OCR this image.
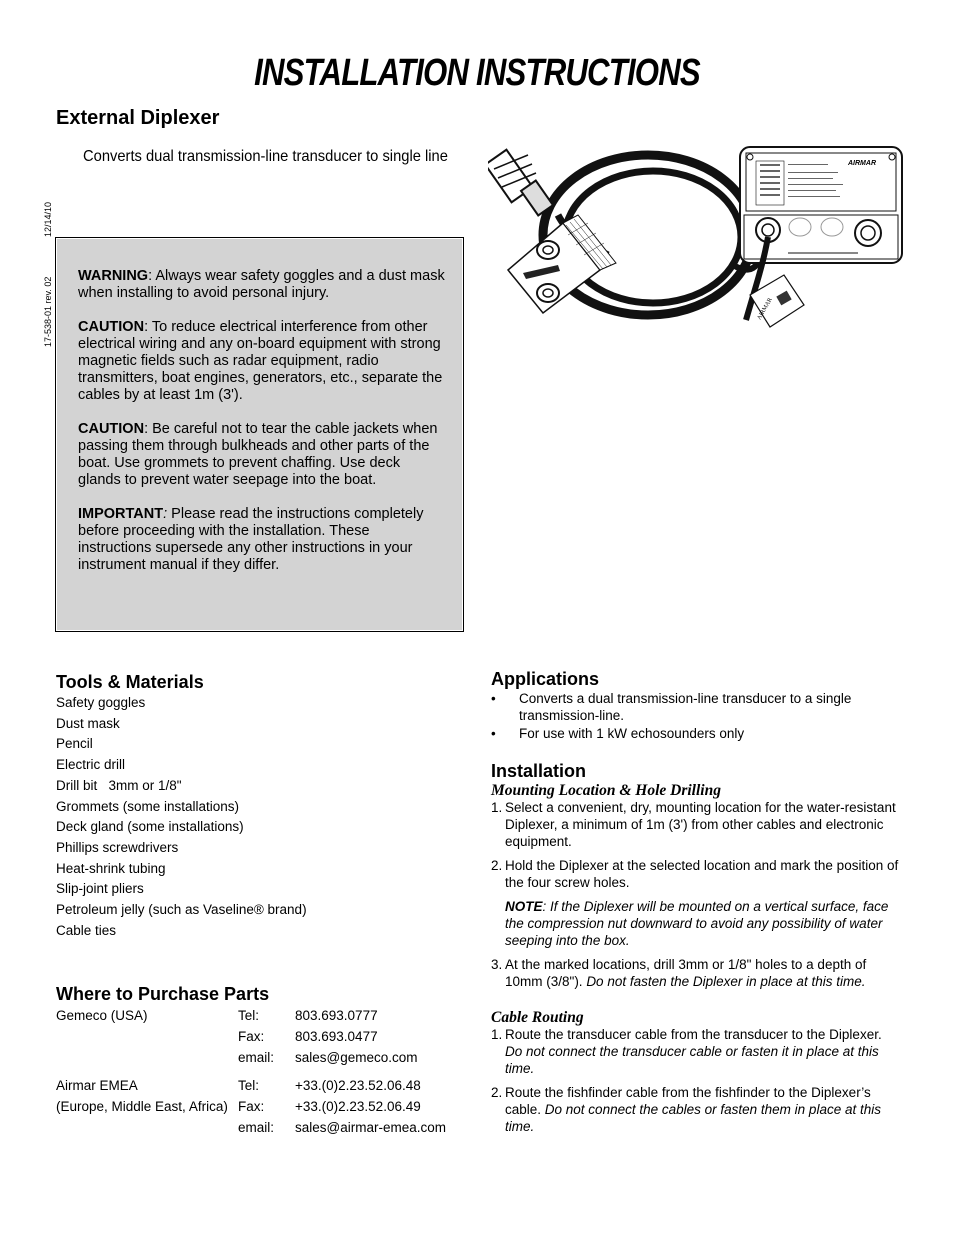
INSTALLATION INSTRUCTIONS
External Diplexer
Converts dual transmission-line transducer to single line
12/14/10
17-538-01 rev. 02

WARNING: Always wear safety goggles and a dust mask when installing to avoid personal injury.

CAUTION: To reduce electrical interference from other electrical wiring and any on-board equipment with strong magnetic fields such as radar equipment, radio transmitters, boat engines, generators, etc., separate the cables by at least 1m (3').

CAUTION: Be careful not to tear the cable jackets when passing them through bulkheads and other parts of the boat. Use grommets to prevent chaffing. Use deck glands to prevent water seepage into the boat.

IMPORTANT: Please read the instructions completely before proceeding with the installation. These instructions supersede any other instructions in your instrument manual if they differ.

AIRMAR
AIRMAR
Tools & Materials
Safety goggles
Dust mask
Pencil
Electric drill
Drill bit   3mm or 1/8"
Grommets (some installations)
Deck gland (some installations)
Phillips screwdrivers
Heat-shrink tubing
Slip-joint pliers
Petroleum jelly (such as Vaseline® brand)
Cable ties
Where to Purchase Parts
Gemeco (USA)	Tel:	803.693.0777
Fax: 803.693.0477
email: sales@gemeco.com
Airmar EMEA
(Europe, Middle East, Africa)
Tel:	+33.(0)2.23.52.06.48
Fax: +33.(0)2.23.52.06.49
email: sales@airmar-emea.com
Applications
•	Converts a dual transmission-line transducer to a single transmission-line.
•	For use with 1 kW echosounders only
Installation
Mounting Location & Hole Drilling
1. Select a convenient, dry, mounting location for the water-resistant Diplexer, a minimum of 1m (3') from other cables and electronic equipment.
2. Hold the Diplexer at the selected location and mark the position of the four screw holes.
NOTE: If the Diplexer will be mounted on a vertical surface, face the compression nut downward to avoid any possibility of water seeping into the box.
3. At the marked locations, drill 3mm or 1/8" holes to a depth of 10mm (3/8"). Do not fasten the Diplexer in place at this time.
Cable Routing
1. Route the transducer cable from the transducer to the Diplexer. Do not connect the transducer cable or fasten it in place at this time.
2. Route the fishfinder cable from the fishfinder to the Diplexer’s cable. Do not connect the cables or fasten them in place at this time.
